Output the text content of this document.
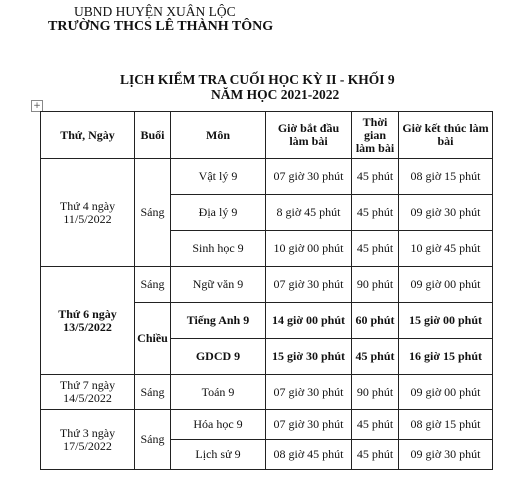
UBND HUYỆN XUÂN LỘC
TRƯỜNG THCS LÊ THÀNH TÔNG
LỊCH KIỂM TRA CUỐI HỌC KỲ II - KHỐI 9
NĂM HỌC 2021-2022
+
Thứ, Ngày	Buổi	Môn	Giờ bắt đầu làm bài	Thời gian làm bài	Giờ kết thúc làm bài
Thứ 4 ngày 11/5/2022	Sáng	Vật lý 9	07 giờ 30 phút	45 phút	08 giờ 15 phút
		Địa lý 9	8 giờ 45 phút	45 phút	09 giờ 30 phút
		Sinh học 9	10 giờ 00 phút	45 phút	10 giờ 45 phút
Thứ 6 ngày 13/5/2022	Sáng	Ngữ văn 9	07 giờ 30 phút	90 phút	09 giờ 00 phút
	Chiều	Tiếng Anh 9	14 giờ 00 phút	60 phút	15 giờ 00 phút
		GDCD 9	15 giờ 30 phút	45 phút	16 giờ 15 phút
Thứ 7 ngày 14/5/2022	Sáng	Toán 9	07 giờ 30 phút	90 phút	09 giờ 00 phút
Thứ 3 ngày 17/5/2022	Sáng	Hóa học 9	07 giờ 30 phút	45 phút	08 giờ 15 phút
		Lịch sử 9	08 giờ 45 phút	45 phút	09 giờ 30 phút
